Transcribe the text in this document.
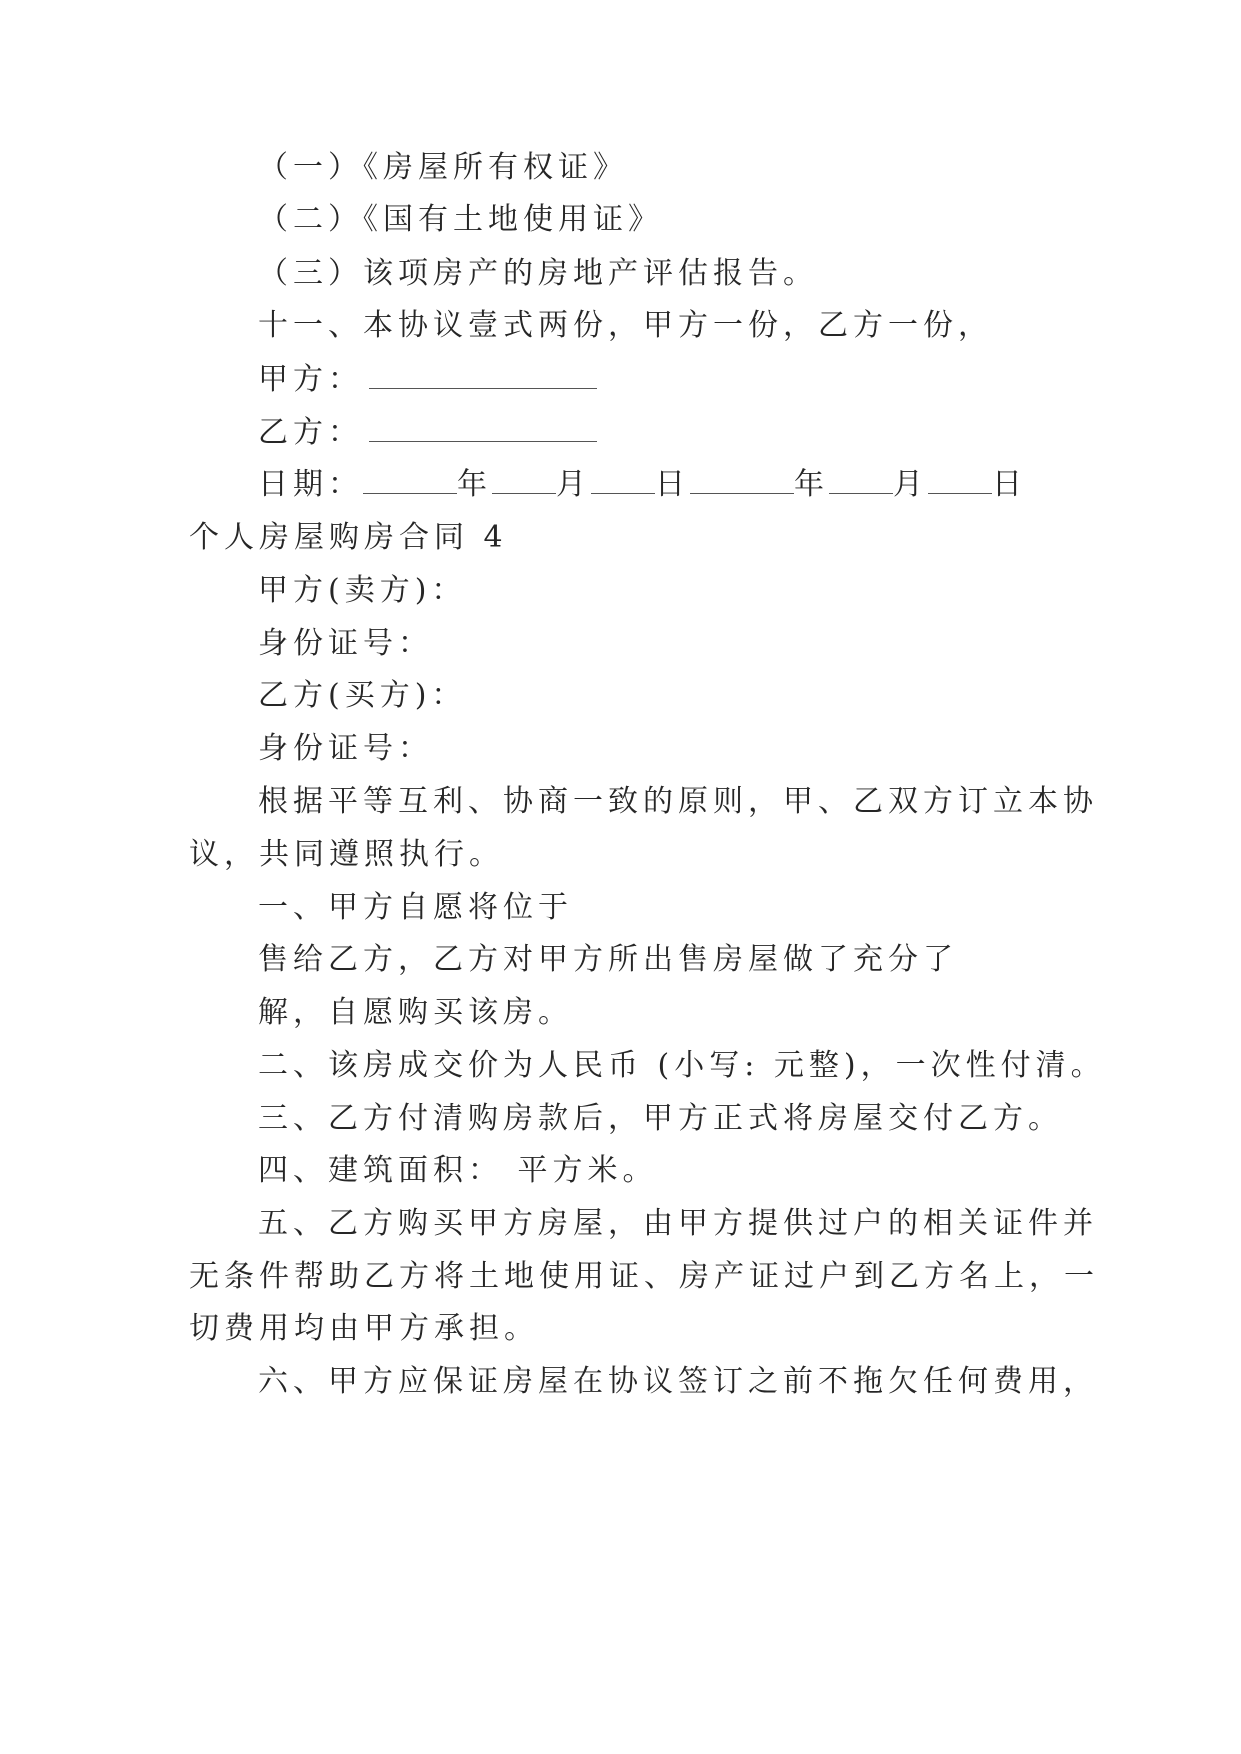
（一）《房屋所有权证》
（二）《国有土地使用证》
（三）该项房产的房地产评估报告。
十一、本协议壹式两份，甲方一份，乙方一份，
甲方：
乙方：
日期：	年 月 日	年 月 日
个人房屋购房合同 4
甲方(卖方)：
身份证号：
乙方(买方)：
身份证号：
根据平等互利、协商一致的原则，甲、乙双方订立本协
议，共同遵照执行。
一、甲方自愿将位于
售给乙方，乙方对甲方所出售房屋做了充分了
解，自愿购买该房。
二、该房成交价为人民币 (小写: 元整)，一次性付清。
三、乙方付清购房款后，甲方正式将房屋交付乙方。
四、建筑面积： 平方米。
五、乙方购买甲方房屋，由甲方提供过户的相关证件并
无条件帮助乙方将土地使用证、房产证过户到乙方名上，一
切费用均由甲方承担。
六、甲方应保证房屋在协议签订之前不拖欠任何费用，
